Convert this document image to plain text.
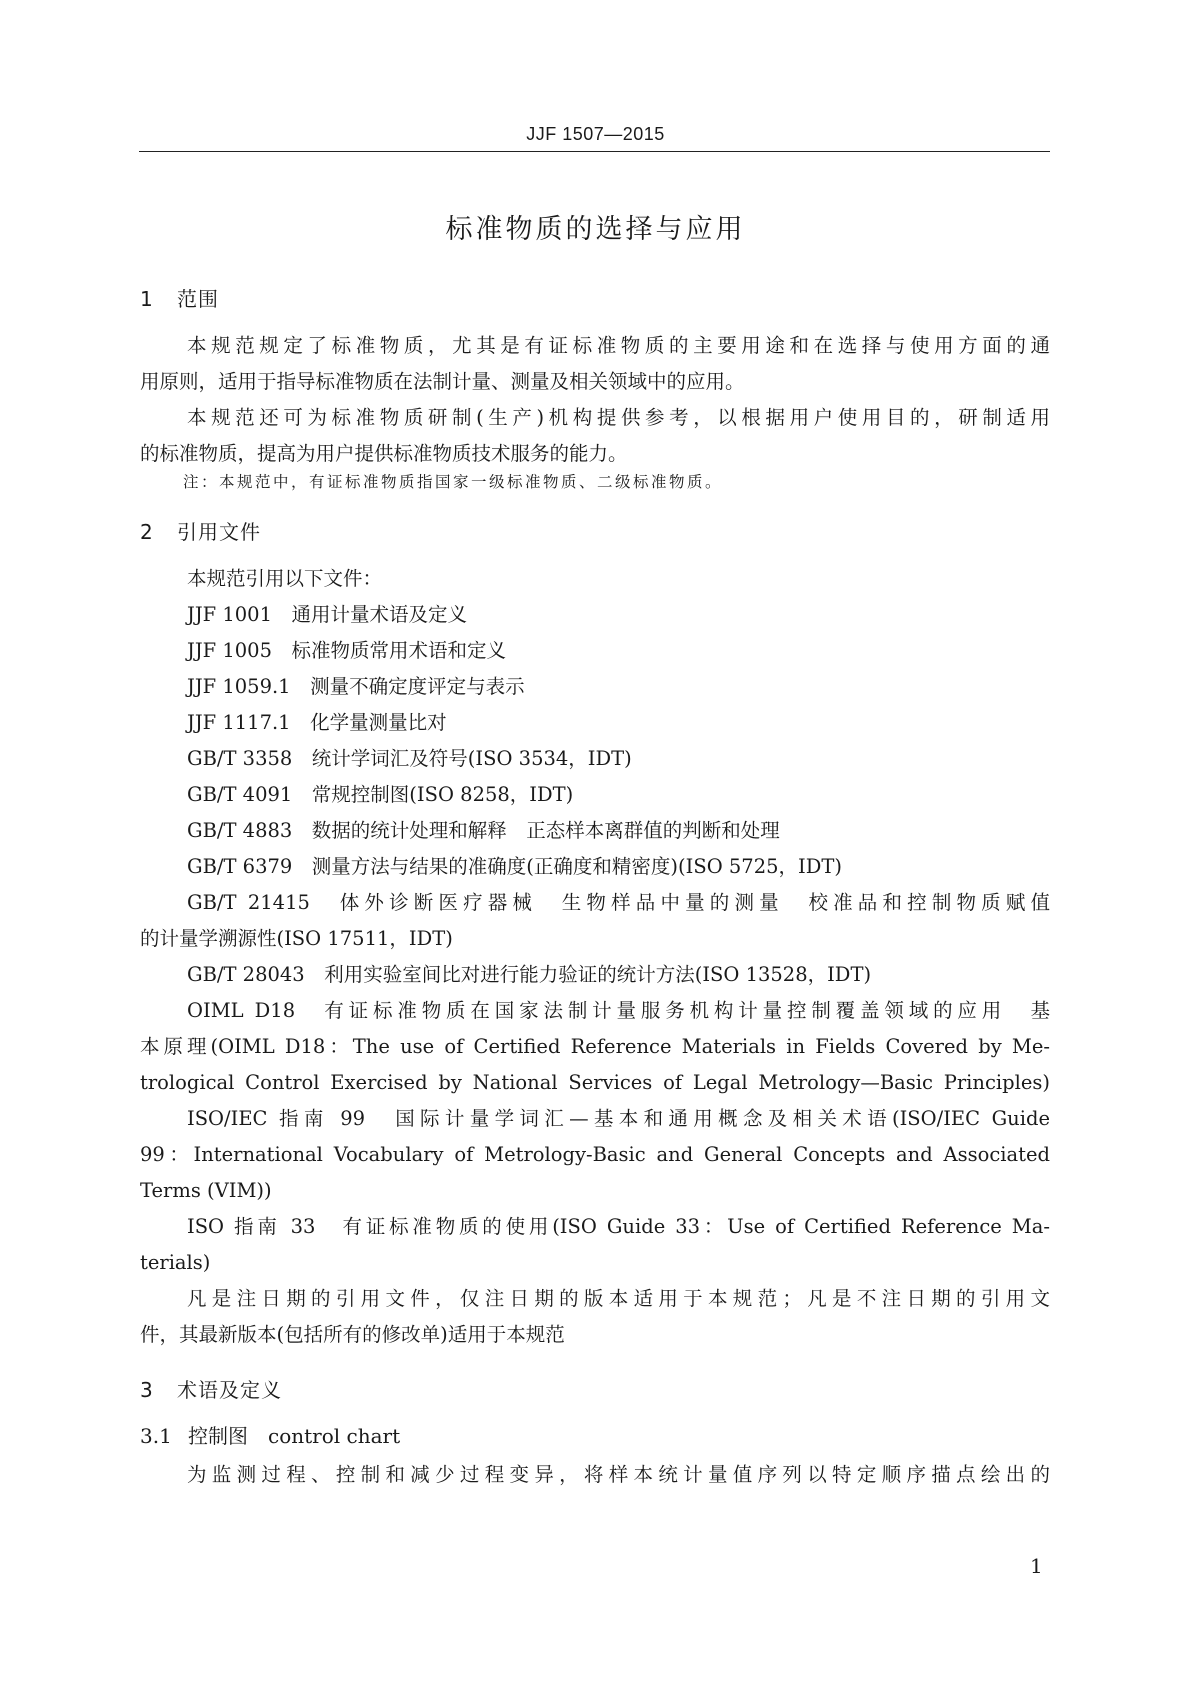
JJF 1507—2015
标准物质的选择与应用
1 范围

本规范规定了标准物质，尤其是有证标准物质的主要用途和在选择与使用方面的通

用原则，适用于指导标准物质在法制计量、测量及相关领域中的应用。

本规范还可为标准物质研制(生产)机构提供参考，以根据用户使用目的，研制适用

的标准物质，提高为用户提供标准物质技术服务的能力。

注：本规范中，有证标准物质指国家一级标准物质、二级标准物质。
2 引用文件

本规范引用以下文件：

JJF 1001　通用计量术语及定义

JJF 1005　标准物质常用术语和定义

JJF 1059.1　测量不确定度评定与表示

JJF 1117.1　化学量测量比对

GB/T 3358　统计学词汇及符号(ISO 3534，IDT)

GB/T 4091　常规控制图(ISO 8258，IDT)

GB/T 4883　数据的统计处理和解释　正态样本离群值的判断和处理

GB/T 6379　测量方法与结果的准确度(正确度和精密度)(ISO 5725，IDT)

GB/T 21415　体外诊断医疗器械　生物样品中量的测量　校准品和控制物质赋值

的计量学溯源性(ISO 17511，IDT)

GB/T 28043　利用实验室间比对进行能力验证的统计方法(ISO 13528，IDT)

OIML D18　有证标准物质在国家法制计量服务机构计量控制覆盖领域的应用　基

本原理(OIML D18：The use of Certified Reference Materials in Fields Covered by Me-

trological Control Exercised by National Services of Legal Metrology—Basic Principles)

ISO/IEC 指南 99　国际计量学词汇—基本和通用概念及相关术语(ISO/IEC Guide

99：International Vocabulary of Metrology-Basic and General Concepts and Associated

Terms (VIM))

ISO 指南 33　有证标准物质的使用(ISO Guide 33：Use of Certified Reference Ma-

terials)

凡是注日期的引用文件，仅注日期的版本适用于本规范；凡是不注日期的引用文

件，其最新版本(包括所有的修改单)适用于本规范

3 术语及定义
3.1 控制图　control chart

为监测过程、控制和减少过程变异，将样本统计量值序列以特定顺序描点绘出的

1
